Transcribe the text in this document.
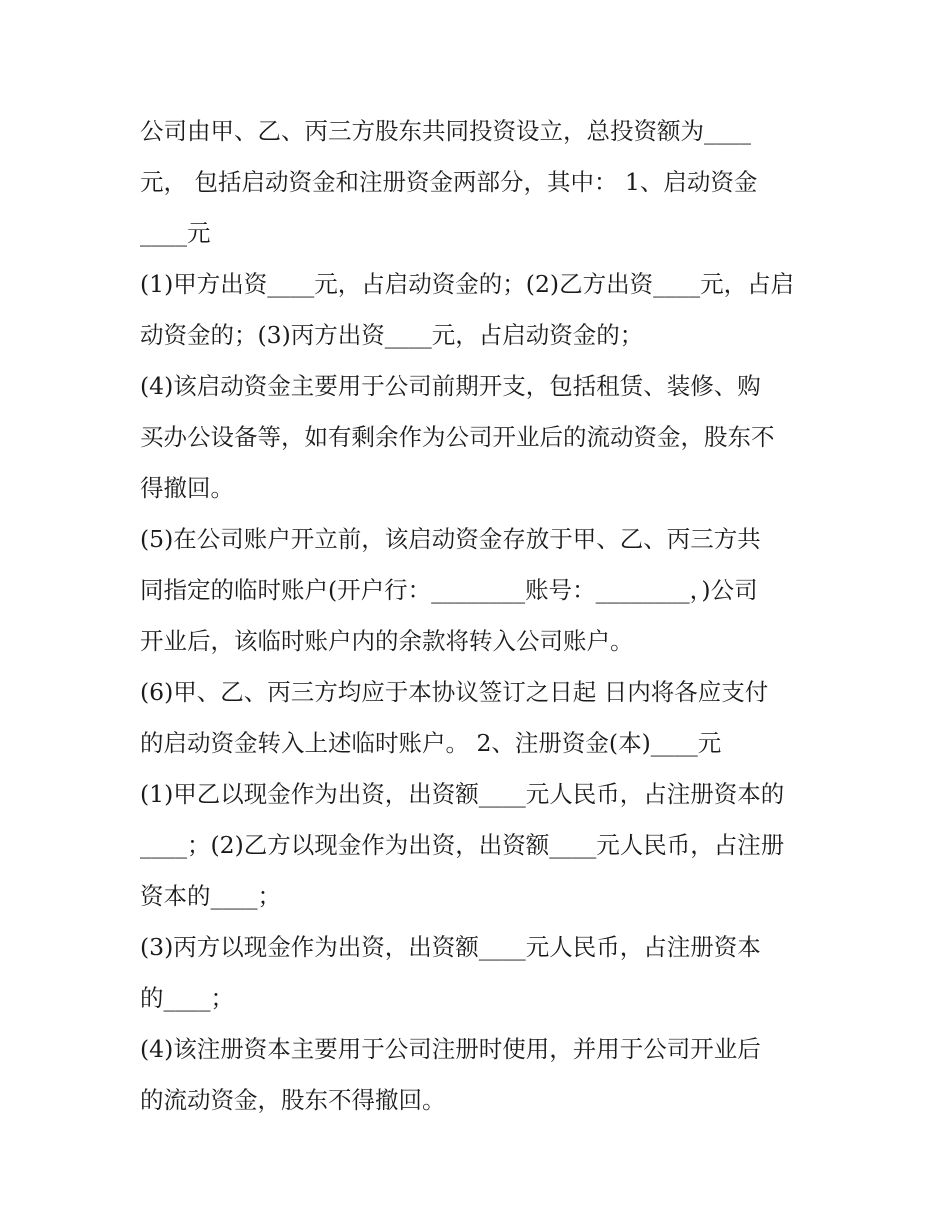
公司由甲、乙、丙三方股东共同投资设立，总投资额为____
元， 包括启动资金和注册资金两部分，其中： 1、启动资金
____元
(1)甲方出资____元，占启动资金的；(2)乙方出资____元，占启
动资金的；(3)丙方出资____元，占启动资金的；
(4)该启动资金主要用于公司前期开支，包括租赁、装修、购
买办公设备等，如有剩余作为公司开业后的流动资金，股东不
得撤回。
(5)在公司账户开立前，该启动资金存放于甲、乙、丙三方共
同指定的临时账户(开户行：________账号：________，)公司
开业后，该临时账户内的余款将转入公司账户。
(6)甲、乙、丙三方均应于本协议签订之日起 日内将各应支付
的启动资金转入上述临时账户。 2、注册资金(本)____元
(1)甲乙以现金作为出资，出资额____元人民币，占注册资本的
____；(2)乙方以现金作为出资，出资额____元人民币，占注册
资本的____；
(3)丙方以现金作为出资，出资额____元人民币，占注册资本
的____；
(4)该注册资本主要用于公司注册时使用，并用于公司开业后
的流动资金，股东不得撤回。
